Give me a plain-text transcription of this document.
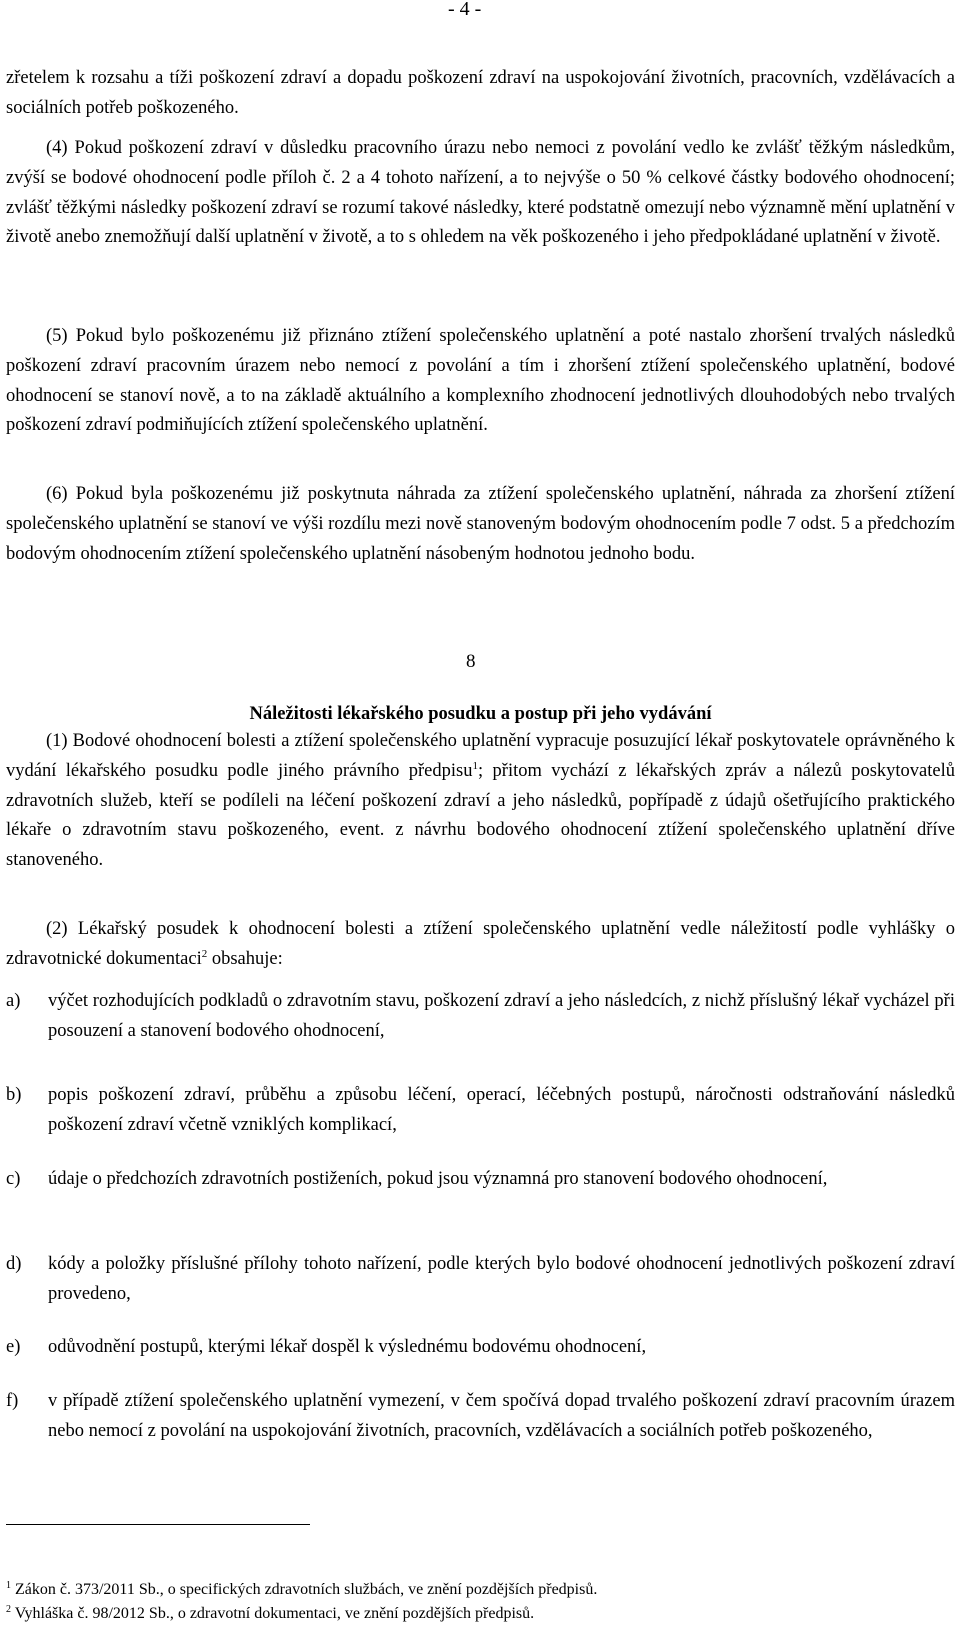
- 4 -
zřetelem k rozsahu a tíži poškození zdraví a dopadu poškození zdraví na uspokojování životních, pracovních, vzdělávacích a sociálních potřeb poškozeného.
(4) Pokud poškození zdraví v důsledku pracovního úrazu nebo nemoci z povolání vedlo ke zvlášť těžkým následkům, zvýší se bodové ohodnocení podle příloh č. 2 a 4 tohoto nařízení, a to nejvýše o 50 % celkové částky bodového ohodnocení; zvlášť těžkými následky poškození zdraví se rozumí takové následky, které podstatně omezují nebo významně mění uplatnění v životě anebo znemožňují další uplatnění v životě, a to s ohledem na věk poškozeného i jeho předpokládané uplatnění v životě.
(5) Pokud bylo poškozenému již přiznáno ztížení společenského uplatnění a poté nastalo zhoršení trvalých následků poškození zdraví pracovním úrazem nebo nemocí z povolání a tím i zhoršení ztížení společenského uplatnění, bodové ohodnocení se stanoví nově, a to na základě aktuálního a komplexního zhodnocení jednotlivých dlouhodobých nebo trvalých poškození zdraví podmiňujících ztížení společenského uplatnění.
(6) Pokud byla poškozenému již poskytnuta náhrada za ztížení společenského uplatnění, náhrada za zhoršení ztížení společenského uplatnění se stanoví ve výši rozdílu mezi nově stanoveným bodovým ohodnocením podle 7 odst. 5 a předchozím bodovým ohodnocením ztížení společenského uplatnění násobeným hodnotou jednoho bodu.
8
Náležitosti lékařského posudku a postup při jeho vydávání
(1) Bodové ohodnocení bolesti a ztížení společenského uplatnění vypracuje posuzující lékař poskytovatele oprávněného k vydání lékařského posudku podle jiného právního předpisu$^1$; přitom vychází z lékařských zpráv a nálezů poskytovatelů zdravotních služeb, kteří se podíleli na léčení poškození zdraví a jeho následků, popřípadě z údajů ošetřujícího praktického lékaře o zdravotním stavu poškozeného, event. z návrhu bodového ohodnocení ztížení společenského uplatnění dříve stanoveného.
(2) Lékařský posudek k ohodnocení bolesti a ztížení společenského uplatnění vedle náležitostí podle vyhlášky o zdravotnické dokumentaci$^2$ obsahuje:
a) výčet rozhodujících podkladů o zdravotním stavu, poškození zdraví a jeho následcích, z nichž příslušný lékař vycházel při posouzení a stanovení bodového ohodnocení,
b) popis poškození zdraví, průběhu a způsobu léčení, operací, léčebných postupů, náročnosti odstraňování následků poškození zdraví včetně vzniklých komplikací,
c) údaje o předchozích zdravotních postiženích, pokud jsou významná pro stanovení bodového ohodnocení,
d) kódy a položky příslušné přílohy tohoto nařízení, podle kterých bylo bodové ohodnocení jednotlivých poškození zdraví provedeno,
e) odůvodnění postupů, kterými lékař dospěl k výslednému bodovému ohodnocení,
f) v případě ztížení společenského uplatnění vymezení, v čem spočívá dopad trvalého poškození zdraví pracovním úrazem nebo nemocí z povolání na uspokojování životních, pracovních, vzdělávacích a sociálních potřeb poškozeného,
$^1$ Zákon č. 373/2011 Sb., o specifických zdravotních službách, ve znění pozdějších předpisů.
$^2$ Vyhláška č. 98/2012 Sb., o zdravotní dokumentaci, ve znění pozdějších předpisů.
